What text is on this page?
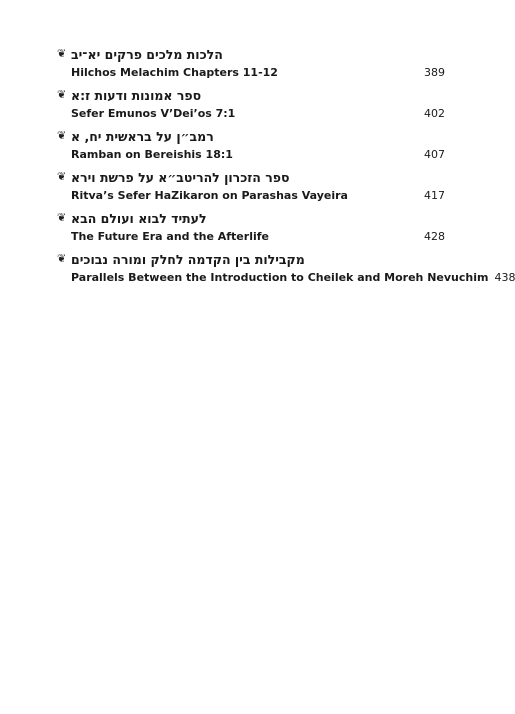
❦ הלכות מלכים פרקים יא־יב
Hilchos Melachim Chapters 11-12	389
❦ ספר אמונות ודעות ז:א
Sefer Emunos V’Dei’os 7:1	402
❦ רמב״ן על בראשית יח, א
Ramban on Bereishis 18:1	407
❦ ספר הזכרון להריטב״א על פרשת וירא
Ritva’s Sefer HaZikaron on Parashas Vayeira	417
❦ לעתיד לבוא ועולם הבא
The Future Era and the Afterlife	428
❦ מקבילות בין הקדמה לחלק ומורה נבוכים
Parallels Between the Introduction to Cheilek and Moreh Nevuchim 438
